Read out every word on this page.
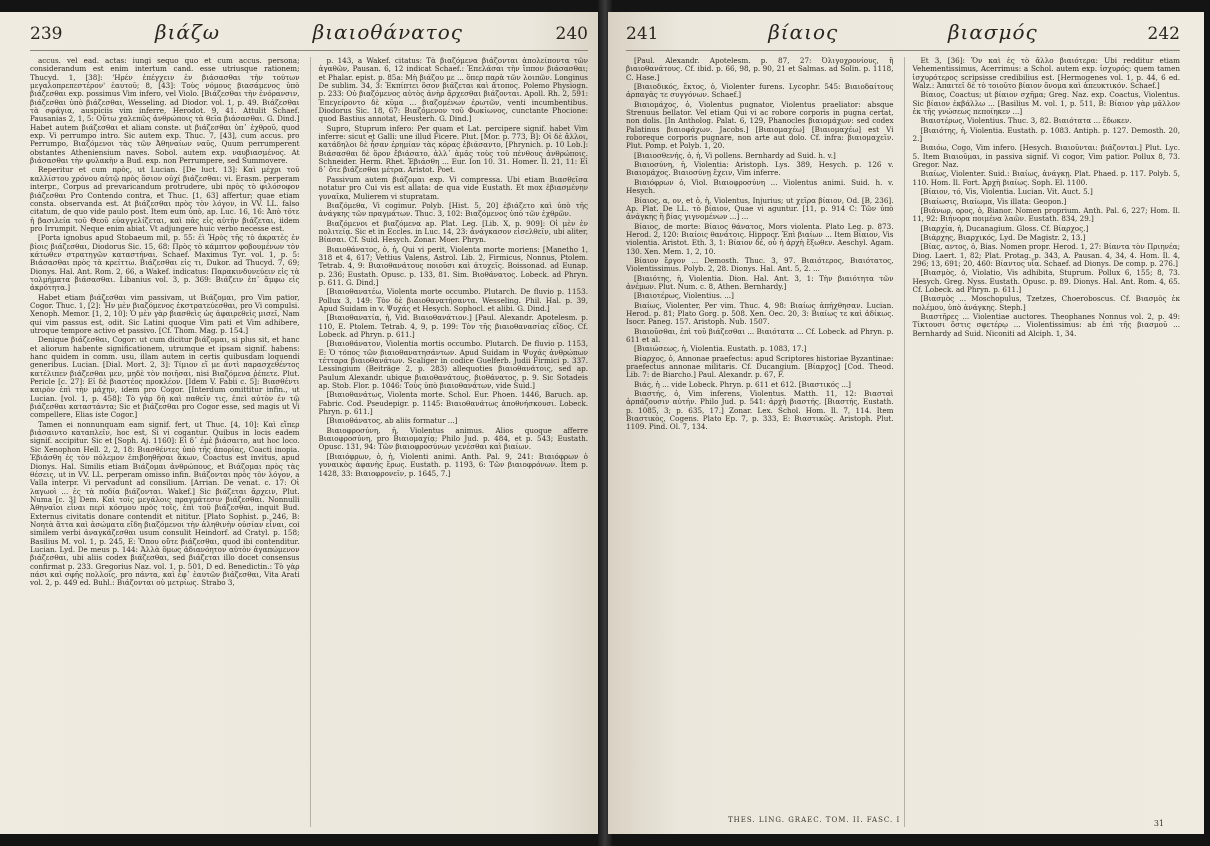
239	βιάζω	βιαιοθάνατος	240

accus. vel ead. actas: iungi sequo quo et cum accus. persona; considerandum est enim intertum cand. esse utriusque rationem; Thucyd. 1, [38]: 'Ηρέν ἐπέγχειν ἐν βιάσασθαι τὴν τούτων μεγαλοπρεπεστέρον' ἑαυτοῦ; 8, [43]: Τοὺς νόμους βιασάμενος ὑπὸ βιάζεσθαι exp. possimus Vim infero, vel Violo. [Βιάζεσθαι τὴν ἐνόρανσιν, βιάζεσθαι ὑπὸ βιάζεσθαι, Wesseling. ad Diodor. vol. 1, p. 49. Βιάζεσθαι τὰ σφάγια, auspiciis vim inferre, Herodot. 9, 41. Attulit Schaef. Pausanias 2, 1, 5: Οὔτω χαλεπῶς ἀνθρώποις τὰ θεῖα βιάσασθαι. G. Dind.] Habet autem βιάζεσθαι et aliam conste. ut βιάζεσθαι ὑπ᾽ ἐχθροῦ, quod exp. Vi perrumpo intro. Sic autem exp. Thuc. 7, [43], cum accus. pro Perrumpo, Βιαζόμενοι τὰς τῶν Ἀθηναίων ναῦς, Quum perrumperent obstantes Atheniensium naves. Sobol. autem exp. ναυβιασμένος. At βιάσασθαι τὴν φυλακὴν a Bud. exp. non Perrumpere, sed Summovere.

Reperitur et cum πρὸς, ut Lucian. [De luct. 13]: Καὶ μέχρι τοῦ καλλίστου χρόνου αὐτῷ πρὸς ὅσιον οὐχί βιάζεσθαι: vi. Erasm. perperam interpr., Corpus ad prevaricandum protrudere, ubi πρὸς τὸ φιλόσοφον βιάζεσθαι Pro Contendo contra, et Thuc. [1, 63] affertur; quae etiam consta. observanda est. At βιάζεσθαι πρὸς τὸν λόγον, in VV. LL. falso citatum, de quo vide paulo post. Item eum ὑπὸ, ap. Luc. 16, 16: Ἀπὸ τότε ἡ βασιλεία τοῦ Θεοῦ εὐαγγελίζεται, καὶ πᾶς εἰς αὐτὴν βιάζεται, iidem pro Irrumpit. Neque enim abiat. Vt adjungere huic verbo necesse est.

[Porta ignobus apud Stobaeum mil, p. 55: ἐὶ Ἡρὸς τῆς τὸ ἀκρατὲς ἐν βίοις βιάζεσθαι, Diodorus Sic. 15, 68: Πρὸς τὸ κάμπτον φοβουμένων τὸν κάτωθεν στρατηγῶν καταστήναι. Schaef. Maximus Tyr. vol. 1, p. 5: Βιάσασθαι πρὸς τὰ κρείττω. Βιάζεσθαι εἰς τι, Dukor. ad Thucyd. 7, 69; Dionys. Hal. Ant. Rom. 2, 66, a Wakef. indicatus: Παρακινδυνεύειν εἰς τὰ τολμήματα βιάσασθαι. Libanius vol. 3, p. 369: Βιάζειν ἐπ᾽ ἄμφω εἰς ἀκρότητα.]

Habet etiam βιάζεσθαι vim passivam, ut Βιάζομαι, pro Vim patior, Cogor. Thuc. 1, [2]: Ἦν μὲν βιαζόμενος ἐκστρατεύεσθαι, pro Vi compulsi. Xenoph. Memor. [1, 2, 10]: Ὁ μὲν γὰρ βιασθεὶς ὡς ἀφαιρεθεὶς μισεῖ, Nam qui vim passus est, odit. Sic Latini quoque Vim pati et Vim adhibere, utroque tempore activo et passivo. [Cf. Thom. Mag. p. 154.]

Denique βιάζεσθαι, Cogor: ut cum dicitur βιάζομαι, si plus sit, et hanc et aliorum habente significationem, utrumque et ipsam signif. habens: hanc quidem in comm. usu, illam autem in certis quibusdam loquendi generibus. Lucian. [Dial. Mort. 2, 3]: Τίμιον εἴ με ἀντὶ παρασχεθέντος κατέλιπεν βιάζεσθαι μεν, μηδὲ τὸν ποιῆσαι, nisi Βιαζόμενα ῥέπετε. Plut. Pericle [c. 27]: Εἰ δὲ βιαστέος προκλέον. [Idem V. Fabii c. 5]: Βιασθέντι καιρὸν ἐπὶ τὴν μάχην, idem pro Cogor. [Interdum omittitur infin., ut Lucian. [vol. 1, p. 458]: Τὸ γὰρ δὴ καὶ παθεῖν τις, ἐπεὶ αὐτὸν ἐν τῷ βιάζεσθαι καταστάντα; Sic et βιάζεσθαι pro Cogor esse, sed magis ut Vi compellere, Elias iste Cogor.]

Tamen ei nonnunquam eam signif. fert, ut Thuc. [4, 10]: Καὶ εἴπερ βιάσαιντο καταπλεῖν, hoc est, Si vi cogantur. Quibus in locis eadem signif. accipitur. Sic et [Soph. Aj. 1160]: Εἰ δ᾽ ἐμὲ βιάσαιτο, aut hoc loco. Sic Xenophon Hell. 2, 2, 18: Βιασθέντες ὑπὸ τῆς ἀπορίας, Coacti inopia. Ἐβιάσθη ἐς τὸν πόλεμον ἐπιβοηθῆσαι ἄκων, Coactus est invitus, apud Dionys. Hal. Similis etiam Βιάζομαι ἀνθρώπους, et Βιάζομαι πρὸς τὰς θέσεις, ut in VV. LL. perperam omisso infin. Βιάζονται πρὸς τὸν λόγον, a Valla interpr. Vi pervadunt ad consilium. [Arrian. De venat. c. 17: Οἱ λαγωοὶ ... ἐς τὰ ποδία βιάζονται. Wakef.] Sic βιάζεται ἄρχειν, Plut. Numa [c. 3] Dem. Καὶ τοῖς μεγάλοις πραγμάτεσιν βιάζεσθαι. Nonnulli Ἀθηναῖοι εἶναι περὶ κόσμου πρὸς τοῖς, ἐπὶ τοῦ βιάζεσθαι, inquit Bud. Externus civitatis donare contendit et nititur. [Plato Sophist. p. 246, B: Νοητὰ ἄττα καὶ ἀσώματα εἴδη βιαζόμενοι τὴν ἀληθινὴν οὐσίαν εἶναι, coi similem verbi ἀναγκάζεσθαι usum consulit Heindorf. ad Cratyl. p. 158; Basilius M. vol. 1, p. 245, E: Ὅπου οὔτε βιάζεσθαι, quod ibi contenditur. Lucian. Lyd. De meus p. 144: Ἀλλὰ ὅμως ἀδιανόητον αὐτὸν ἀγαπώμενον βιάζεσθαι, ubi aliis codex βιάζεσθαι, sed βιάζεται illo docet consensus confirmat p. 233. Gregorius Naz. vol. 1, p. 501, D ed. Benedictin.: Τὸ γὰρ πάσι καὶ σφῆς πολλοῖς, pro πάντα, καὶ ἐφ᾽ ἑαυτῶν βιάζεσθαι, Vita Arati vol. 2, p. 449 ed. Buhl.: Βιάζονται οὐ μετρίως. Strabo 3,

p. 143, a Wakef. citatus: Τὰ βιαζόμενα βιάζονται ἀπολείποντα τῶν ἀγαθῶν, Pausan. 6, 12 indicat Schaef.: Ἐπελάσαι τὴν ἵππον βιάσασθαι; et Phalar. epist. p. 85a: Μὴ βιάζου με ... ὅπερ παρὰ τῶν λοιπῶν. Longinus De sublim. 34, 3: Ἐκπίπτει ὅσον βιάζεται καὶ ἄτοπος. Polemo Physiogn. p. 233: Οὐ βιαζόμενος αὐτὸς ἀνὴρ ἄρχεσθαι βιάζονται. Apoll. Rh. 2, 591: Ἐπεγείροντο δὲ κῦμα ... βιαζομένων ἐρωτῶν, venti incumbentibus. Diodorus Sic. 18, 67: Βιαζόμενον τοῦ Φωκίωνος, cunctante Phocione: quod Bastius annotat, Heusterh. G. Dind.]

Supro, Stuprum infero: Per quam et Lat. percipere signif. habet Vim inferre: sicut et Galli: une illud Ficere. Plut. [Mor. p. 773, B]: Οἱ δὲ ἄλλοι, κατάδηλοι δὲ ἦσαν ἐρημίαν τὰς κόρας ἐβιάσαντο, [Phrynich. p. 10 Lob.]: Βιάσασθαι δὲ ὅρον ἔβιάσατο, ἀλλ᾽ ἁμᾶς τοὺς τοῦ πένθους ἀνθρώποις. Schneider. Herm. Rhet. Ἐβιάσθη ... Eur. Ion 10. 31. Homer. Il. 21, 11: Εἰ δ᾽ ὅτε βιάζεσθαι μέτρα. Aristot. Poet.

Passivum autem βιάζομαι exp. Vi compressa. Ubi etiam Βιασθεῖσα notatur pro Cui vis est allata: de qua vide Eustath. Et mox ἐβιασμένην γυναῖκα, Mulierem vi stupratam.

Βιαζόμεθα, Vi cogimur. Polyb. [Hist. 5, 20] ἐβιάζετο καὶ ὑπὸ τῆς ἀνάγκης τῶν πραγμάτων. Thuc. 3, 102: Βιαζόμενος ὑπὸ τῶν ἐχθρῶν.

Βιαζόμενοι et βιαζόμενα ap. Plat. Leg. [Lib. X, p. 909]: Οἱ μὲν ἐν πολιτείᾳ. Sic et in Eccles. in Luc. 14, 23: ἀνάγκασον εἰσελθεῖν, ubi aliter, Βίασαι. Cf. Suid. Hesych. Zonar. Moer. Phryn.

Βιαιοθάνατος, ὁ, ἡ, Qui vi perit, Violenta morte moriens: [Manetho 1, 318 et 4, 617; Vettius Valens, Astrol. Lib. 2, Firmicus, Nonnus, Ptolem. Tetrab. 4, 9: Βιαιοθανάτους ποιοῦσι καὶ ἀτυχεῖς. Boissonad. ad Eunap. p. 236; Eustath. Opusc. p. 133, 81. Sim. Βιοθάνατος. Lobeck. ad Phryn. p. 611. G. Dind.]

[Βιαιοθανατέω, Violenta morte occumbo. Plutarch. De fluvio p. 1153. Pollux 3, 149: Τὸν δὲ βιαιοθανατήσαντα. Wesseling. Phil. Hal. p. 39, Apud Suidam in v. Ψυχάς et Hesych. Sophocl. et alibi. G. Dind.]

[Βιαιοθανατία, ἡ, Vid. Βιαιοθανάτιον.] [Paul. Alexandr. Apotelesm. p. 110, E. Ptolem. Tetrab. 4, 9, p. 199: Τὸν τῆς βιαιοθανασίας εἴδος. Cf. Lobeck. ad Phryn. p. 611.]

[Βιαιοθάνατον, Violentia mortis occumbo. Plutarch. De fluvio p. 1153, E: Ὁ τόπος τῶν βιαιοθανατησάντων. Apud Suidam in Ψυχάς ἀνθρώπων τέτταρα βιαιοθανάτων. Scaliger in codice Guelferb. Judii Firmici p. 337. Lessingium (Beiträge 2, p. 283) allequoties βιαιοθανάτοις, sed ap. Paulum Alexandr. ubique βιαιοθανάτους, βιοθάνατος, p. 9. Sic Sotadeis ap. Stob. Flor. p. 1046: Τοὺς ὑπὸ βιαιοθανάτων, vide Suid.]

[Βιαιοθανάτως, Violenta morte. Schol. Eur. Phoen. 1446, Baruch. ap. Fabric. Cod. Pseudepigr. p. 1145: Βιαιοθανάτως ἀποθνήσκουσι. Lobeck. Phryn. p. 611.]

[Βιαιοθάνατος, ab aliis formatur ...]

Βιαιοφροσύνη, ἡ, Violentus animus. Alios quoque afferre Βιαιοφροσύνη, pro Βιαιομαχίᾳ; Philo Jud. p. 484, et p. 543; Eustath. Opusc. 131, 94: Τῶν βιαιοφροσύνων γενέσθαι καὶ βιαίων.

[Βιαιόφρων, ὁ, ἡ, Violenti animi. Anth. Pal. 9, 241: Βιαιόφρων ὁ γυναικὸς ἀφανὴς ἔρως. Eustath. p. 1193, 6: Τῶν βιαιοφρόνων. Item p. 1428, 33: Βιαιοφρονεῖν, p. 1645, 7.]

241	βίαιος	βιασμός	242

[Paul. Alexandr. Apotelesm. p. 87, 27: Ὀλιγοχρονίους, ἢ βιαιοθανάτους. Cf. ibid. p. 66, 98, p. 90, 21 et Salmas. ad Solin. p. 1118, C. Hase.]

[Βιαιοδικός, ἔκτος, ὁ, Violenter furens. Lycophr. 545: Βιαιοδαίτους ἀρπαγὰς τε συγγόνων. Schaef.]

Βιαιομάχος, ὁ, Violentus pugnator, Violentus praeliator: absque Strenuus bellator. Vel etiam Qui vi ac robore corporis in pugna certat, non dolis. [In Antholog. Palat. 6, 129, Phanocles βιαιομάχων: sed codex Palatinus βιαιοφάχων. Jacobs.] [Βιαιομαχέω] [Βιαιομαχέω] est Vi roboreque corporis pugnare, non arte aut dolo. Cf. infra: βιαιομαχεῖν. Plut. Pomp. et Polyb. 1, 20.

[Βιαιοσθενής, ὁ, ἡ, Vi pollens. Bernhardy ad Suid. h. v.]

Βιαιοσύνη, ἡ, Violentia: Aristoph. Lys. 389, Hesych. p. 126 v. Βιαιομάχος. Βιαιοσύνῃ ἔχειν, Vim inferre.

Βιαιόφρων ὁ, Viol. Βιαιοφροσύνη ... Violentus animi. Suid. h. v. Hesych.

Βίαιος, α, ον, et ὁ, ἡ, Violentus, Injurius; ut χεῖρα βίαιον, Od. [B, 236]. Ap. Plat. De LL. τὸ βίαιον, Quae vi aguntur. [11, p. 914 C: Τῶν ὑπὸ ἀνάγκης ἢ βίας γιγνομένων ...] ...

Βίαιος, de morte: Βίαιος θάνατος, Mors violenta. Plato Leg. p. 873. Herod. 2, 120: Βιαίοις θανάτοις. Hippocr. Ἐπὶ βιαίων ... Item Βίαιον, Vis violentia. Aristot. Eth. 3, 1: Βίαιον δέ, οὗ ἡ ἀρχὴ ἔξωθεν. Aeschyl. Agam. 130. Xen. Mem. 1, 2, 10.

Βίαιον ἔργον ... Demosth. Thuc. 3, 97. Βιαιότερος, Βιαιότατος, Violentissimus. Polyb. 2, 28. Dionys. Hal. Ant. 5, 2. ...

[Βιαιότης, ἡ, Violentia. Dion. Hal. Ant. 3, 1: Τὴν βιαιότητα τῶν ἀνέμων. Plut. Num. c. 8, Athen. Bernhardy.]

[Βιαιοτέρως, Violentius. ...]

Βιαίως, Violenter, Per vim. Thuc. 4, 98: Βιαίως ἀπήχθησαν. Lucian. Herod. p. 81; Plato Gorg. p. 508. Xen. Oec. 20, 3: Βιαίως τε καὶ ἀδίκως. Isocr. Paneg. 157. Aristoph. Nub. 1507.

Βιαιοῦσθαι, ἐπὶ τοῦ βιάζεσθαι ... Βιαιότατα ... Cf. Lobeck. ad Phryn. p. 611 et al.

[Βιαιώσεως, ἡ, Violentia. Eustath. p. 1083, 17.]

Βίαρχος, ὁ, Annonae praefectus: apud Scriptores historiae Byzantinae: praefectus annonae militaris. Cf. Ducangium. [Βίαρχος] [Cod. Theod. Lib. 7: de Biarcho.] Paul. Alexandr. p. 67, F.

Βιάς, ἡ ... vide Lobeck. Phryn. p. 611 et 612. [Βιαστικός ...]

Βιαστής, ὁ, Vim inferens, Violentus. Matth. 11, 12: Βιασταὶ ἁρπάζουσιν αὐτήν. Philo Jud. p. 541: ἀρχὴ βιαστής. [Βιαστής, Eustath. p. 1085, 3; p. 635, 17.] Zonar. Lex. Schol. Hom. Il. 7, 114. Item Βιαστικὸς, Cogens. Plato Ep. 7, p. 333, Ε: Βιαστικῶς. Aristoph. Plut. 1109. Pind. Ol. 7, 134.

Et 3, [36]: Ὅν καὶ ἐς τὸ ἄλλο βιαιότερα: Ubi redditur etiam Vehementissimus, Acerrimus: a Schol. autem exp. ἰσχυρός: quem tamen ἰσχυρότερος scripsisse credibilius est. [Hermogenes vol. 1, p. 44, 6 ed. Walz.: Ἀπαιτεῖ δὲ τὸ τοιοῦτο βίαιον ὄνομα καὶ ἀπευκτικόν. Schaef.]

Βίαιος, Coactus; ut βίαιον σχῆμα; Greg. Naz. exp. Coactus, Violentus. Sic βίαιον ἐκβάλλω ... [Basilius M. vol. 1, p. 511, B: Βίαιον γὰρ μᾶλλον ἐκ τῆς γνώσεως πεποίηκεν ...]

Βιαιοτέρως, Violentius. Thuc. 3, 82. Βιαιότατα ... ἔδωκεν.

[Βιαιότης, ἡ, Violentia. Eustath. p. 1083. Antiph. p. 127. Demosth. 20, 2.]

Βιαιόω, Cogo, Vim infero. [Hesych. Βιαιοῦνται: βιάζονται.] Plut. Lyc. 5. Item Βιαιοῦμαι, in passiva signif. Vi cogor, Vim patior. Pollux 8, 73. Gregor. Naz.

Βιαίως, Violenter. Suid.: Βιαίως, ἀνάγκῃ. Plat. Phaed. p. 117. Polyb. 5, 110. Hom. Il. Fort. Ἀρχὴ βιαίως. Soph. El. 1100.

[Βίαιον, τό, Vis, Violentia. Lucian. Vit. Auct. 5.]

[Βιαίωσις, Βιαίωμα, Vis illata: Geopon.]

[Βιάνωρ, ορος, ὁ, Bianor. Nomen proprium. Anth. Pal. 6, 227; Hom. Il. 11, 92: Βιήνορα ποιμένα λαῶν. Eustath. 834, 29.]

[Βιαρχία, ἡ, Ducanagium. Gloss. Cf. Βίαρχος.]

[Βιάρχης, Βιαρχικός, Lyd. De Magistr. 2, 13.]

[Βίας, αντος, ὁ, Bias. Nomen propr. Herod. 1, 27: Βίαντα τὸν Πριηνέα; Diog. Laert. 1, 82; Plat. Protag. p. 343, A. Pausan. 4, 34, 4. Hom. Il. 4, 296; 13, 691; 20, 460: Βίαντος υἷα. Schaef. ad Dionys. De comp. p. 276.]

[Βιασμὸς, ὁ, Violatio, Vis adhibita, Stuprum. Pollux 6, 155; 8, 73. Hesych. Greg. Nyss. Eustath. Opusc. p. 89. Dionys. Hal. Ant. Rom. 4, 65. Cf. Lobeck. ad Phryn. p. 611.]

[Βιασμὸς ... Moschopulus, Tzetzes, Choeroboscus. Cf. Βιασμὸς ἐκ πολέμου, ὑπὸ ἀνάγκης. Steph.]

Βιαστῆρες ... Violentiae auctores. Theophanes Nonnus vol. 2, p. 49: Τίκτουσι ὅστις σφετέρῳ ... Violentissimus: ab ἐπὶ τῆς βιασμοῦ ... Bernhardy ad Suid. Niconiti ad Alciph. 1, 34.

THES. LING. GRAEC. TOM. II. FASC. I	31
